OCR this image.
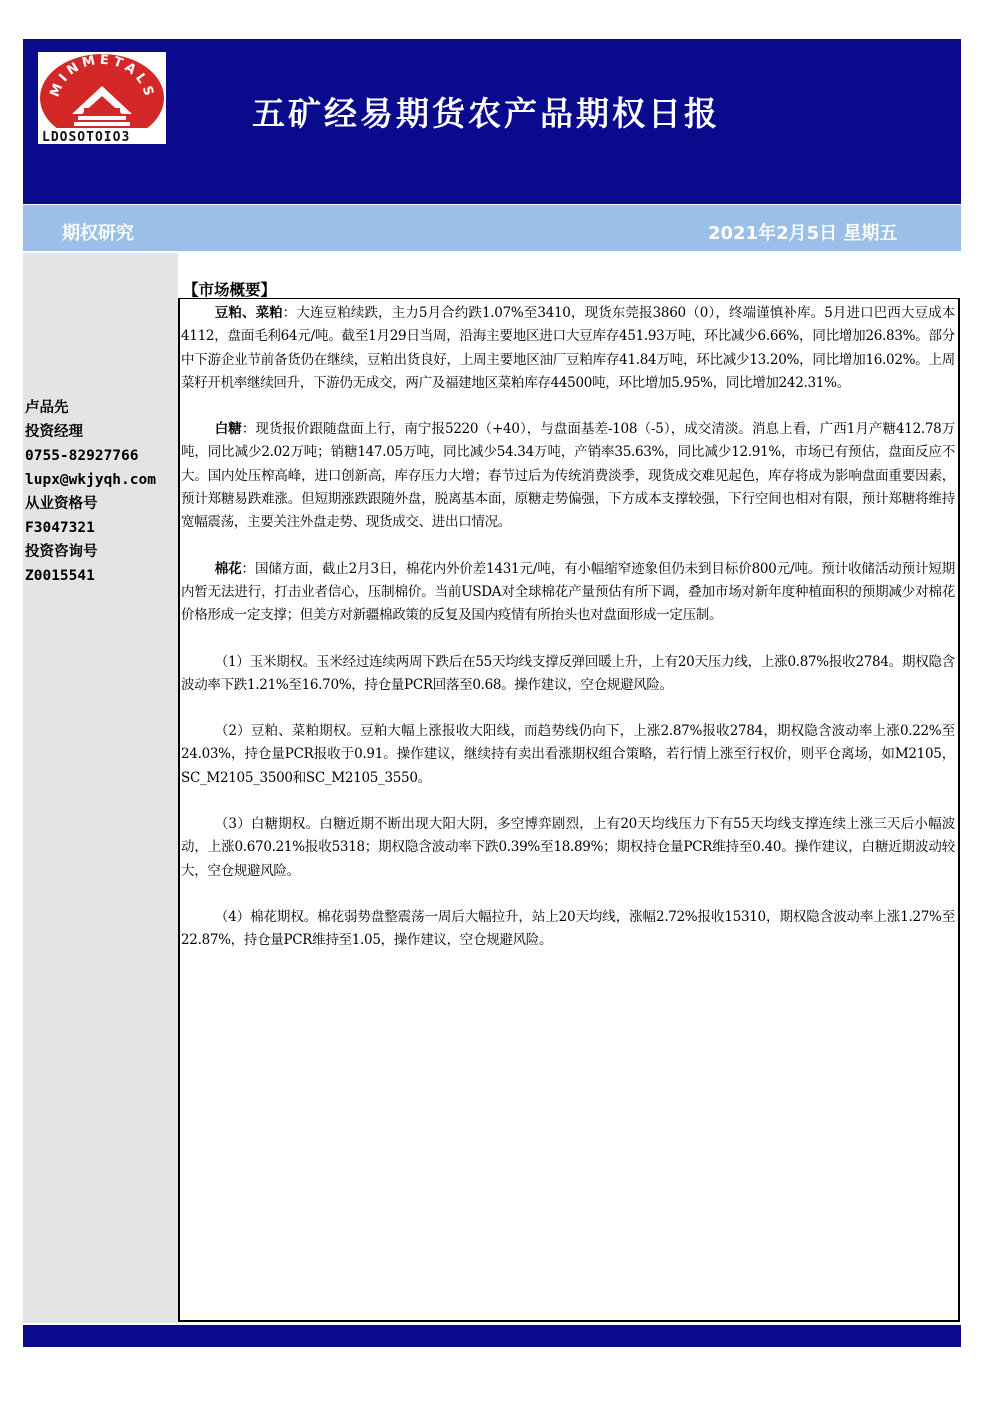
MINMETALS
LDOSOTOIO3
五矿经易期货农产品期权日报
期权研究	2021年2月5日 星期五
卢品先
投资经理
0755-82927766
lupx@wkjyqh.com
从业资格号
F3047321
投资咨询号
Z0015541
【市场概要】

豆粕、菜粕：大连豆粕续跌，主力5月合约跌1.07%至3410，现货东莞报3860（0），终端谨慎补库。5月进口巴西大豆成本4112，盘面毛利64元/吨。截至1月29日当周，沿海主要地区进口大豆库存451.93万吨，环比减少6.66%，同比增加26.83%。部分中下游企业节前备货仍在继续，豆粕出货良好，上周主要地区油厂豆粕库存41.84万吨，环比减少13.20%，同比增加16.02%。上周菜籽开机率继续回升，下游仍无成交，两广及福建地区菜粕库存44500吨，环比增加5.95%，同比增加242.31%。

白糖：现货报价跟随盘面上行，南宁报5220（+40），与盘面基差-108（-5），成交清淡。消息上看，广西1月产糖412.78万吨，同比减少2.02万吨；销糖147.05万吨，同比减少54.34万吨，产销率35.63%，同比减少12.91%，市场已有预估，盘面反应不大。国内处压榨高峰，进口创新高，库存压力大增；春节过后为传统消费淡季，现货成交难见起色，库存将成为影响盘面重要因素，预计郑糖易跌难涨。但短期涨跌跟随外盘，脱离基本面，原糖走势偏强，下方成本支撑较强，下行空间也相对有限，预计郑糖将维持宽幅震荡，主要关注外盘走势、现货成交、进出口情况。

棉花：国储方面，截止2月3日，棉花内外价差1431元/吨，有小幅缩窄迹象但仍未到目标价800元/吨。预计收储活动预计短期内暂无法进行，打击业者信心，压制棉价。当前USDA对全球棉花产量预估有所下调，叠加市场对新年度种植面积的预期减少对棉花价格形成一定支撑；但美方对新疆棉政策的反复及国内疫情有所抬头也对盘面形成一定压制。

（1）玉米期权。玉米经过连续两周下跌后在55天均线支撑反弹回暖上升，上有20天压力线，上涨0.87%报收2784。期权隐含波动率下跌1.21%至16.70%，持仓量PCR回落至0.68。操作建议，空仓规避风险。

（2）豆粕、菜粕期权。豆粕大幅上涨报收大阳线，而趋势线仍向下，上涨2.87%报收2784，期权隐含波动率上涨0.22%至24.03%，持仓量PCR报收于0.91。操作建议，继续持有卖出看涨期权组合策略，若行情上涨至行权价，则平仓离场，如M2105，SC_M2105_3500和SC_M2105_3550。

（3）白糖期权。白糖近期不断出现大阳大阴，多空博弈剧烈，上有20天均线压力下有55天均线支撑连续上涨三天后小幅波动，上涨0.670.21%报收5318；期权隐含波动率下跌0.39%至18.89%；期权持仓量PCR维持至0.40。操作建议，白糖近期波动较大，空仓规避风险。

（4）棉花期权。棉花弱势盘整震荡一周后大幅拉升，站上20天均线，涨幅2.72%报收15310，期权隐含波动率上涨1.27%至22.87%，持仓量PCR维持至1.05，操作建议，空仓规避风险。
